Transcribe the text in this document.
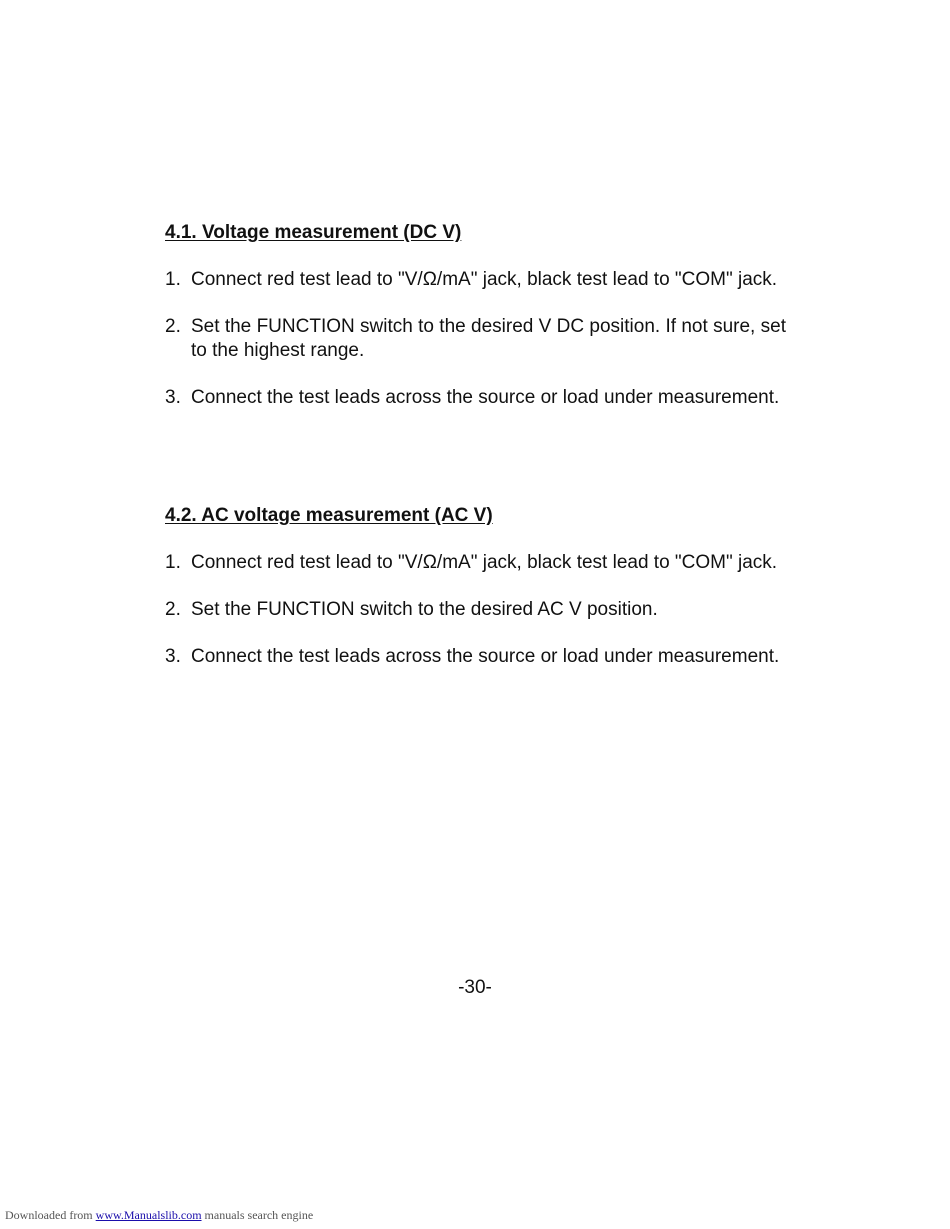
4.1. Voltage measurement (DC V)
1. Connect red test lead to "V/Ω/mA" jack, black test lead to "COM" jack.
2. Set the FUNCTION switch to the desired V DC position. If not sure, set to the highest range.
3. Connect the test leads across the source or load under measurement.
4.2. AC voltage measurement (AC V)
1. Connect red test lead to "V/Ω/mA" jack, black test lead to "COM" jack.
2. Set the FUNCTION switch to the desired AC V position.
3. Connect the test leads across the source or load under measurement.
-30-
Downloaded from www.Manualslib.com manuals search engine
